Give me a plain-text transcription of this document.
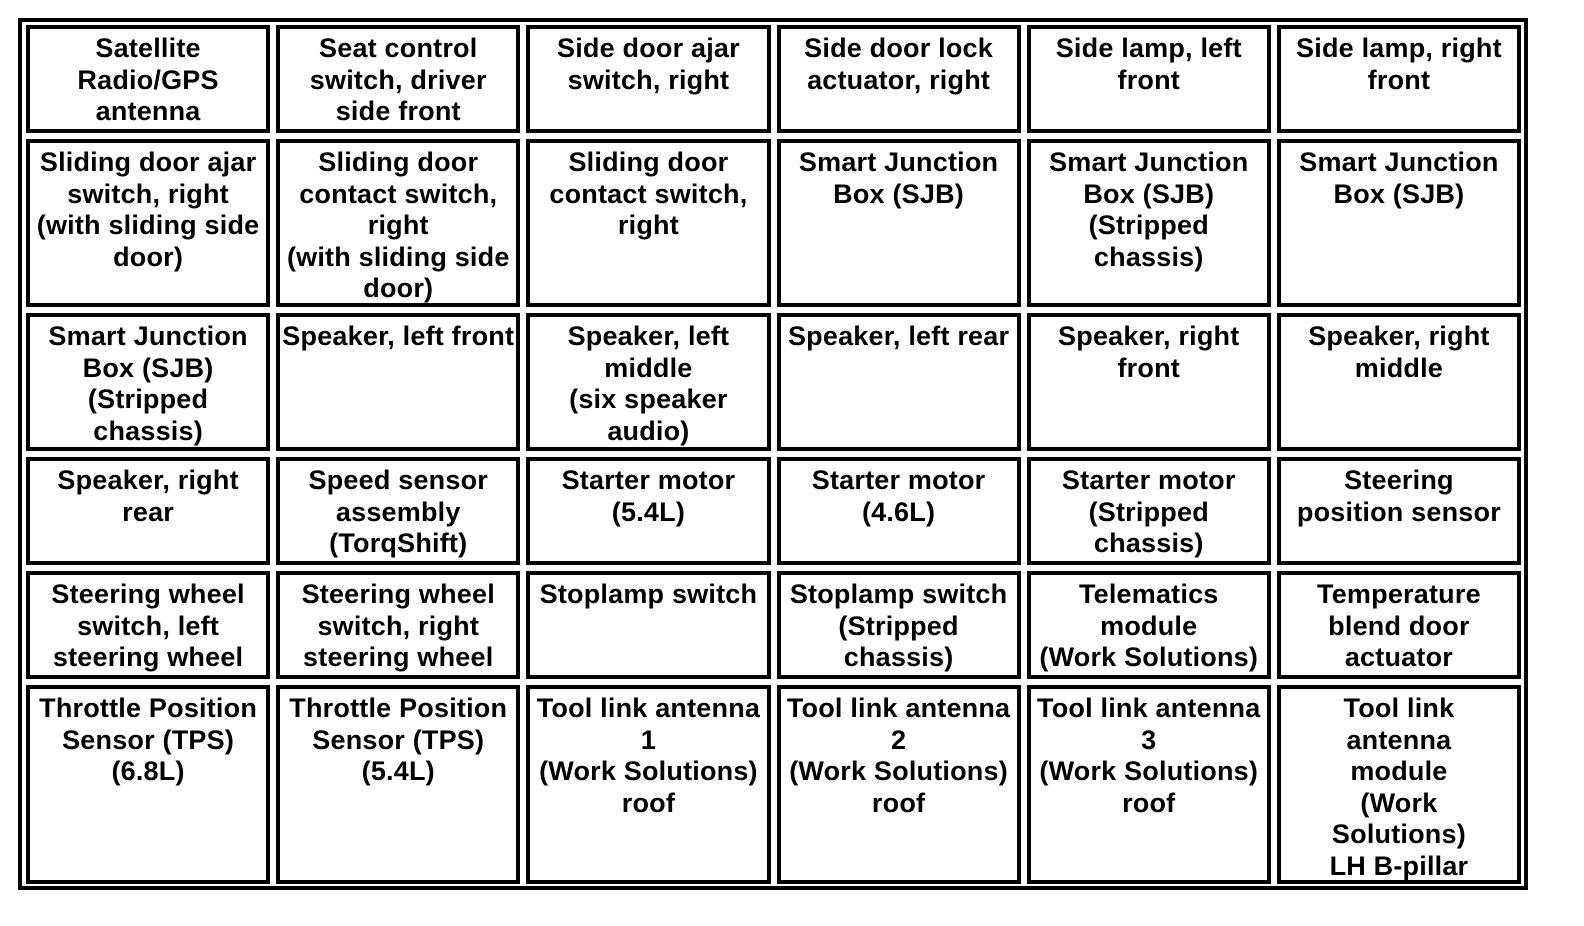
Satellite
Radio/GPS
antenna
Seat control
switch, driver
side front
Side door ajar
switch, right
Side door lock
actuator, right
Side lamp, left
front
Side lamp, right
front
Sliding door ajar
switch, right
(with sliding side
door)
Sliding door
contact switch,
right
(with sliding side
door)
Sliding door
contact switch,
right
Smart Junction
Box (SJB)
Smart Junction
Box (SJB)
(Stripped chassis)
Smart Junction
Box (SJB)
Smart Junction
Box (SJB)
(Stripped chassis)
Speaker, left front Speaker, left
middle
(six speaker
audio)
Speaker, left rear Speaker, right
front
Speaker, right
middle
Speaker, right
rear
Speed sensor
assembly
(TorqShift)
Starter motor
(5.4L)
Starter motor
(4.6L)
Starter motor
(Stripped chassis)
Steering
position sensor
Steering wheel
switch, left
steering wheel
Steering wheel
switch, right
steering wheel
Stoplamp switch	Stoplamp switch
(Stripped chassis)
Telematics
module
(Work Solutions)
Temperature
blend door
actuator
Throttle Position
Sensor (TPS)
(6.8L)
Throttle Position
Sensor (TPS)
(5.4L)
Tool link antenna
1
(Work Solutions)
roof
Tool link antenna
2
(Work Solutions)
roof
Tool link antenna
3
(Work Solutions)
roof
Tool link
antenna
module
(Work
Solutions)
LH B-pillar
